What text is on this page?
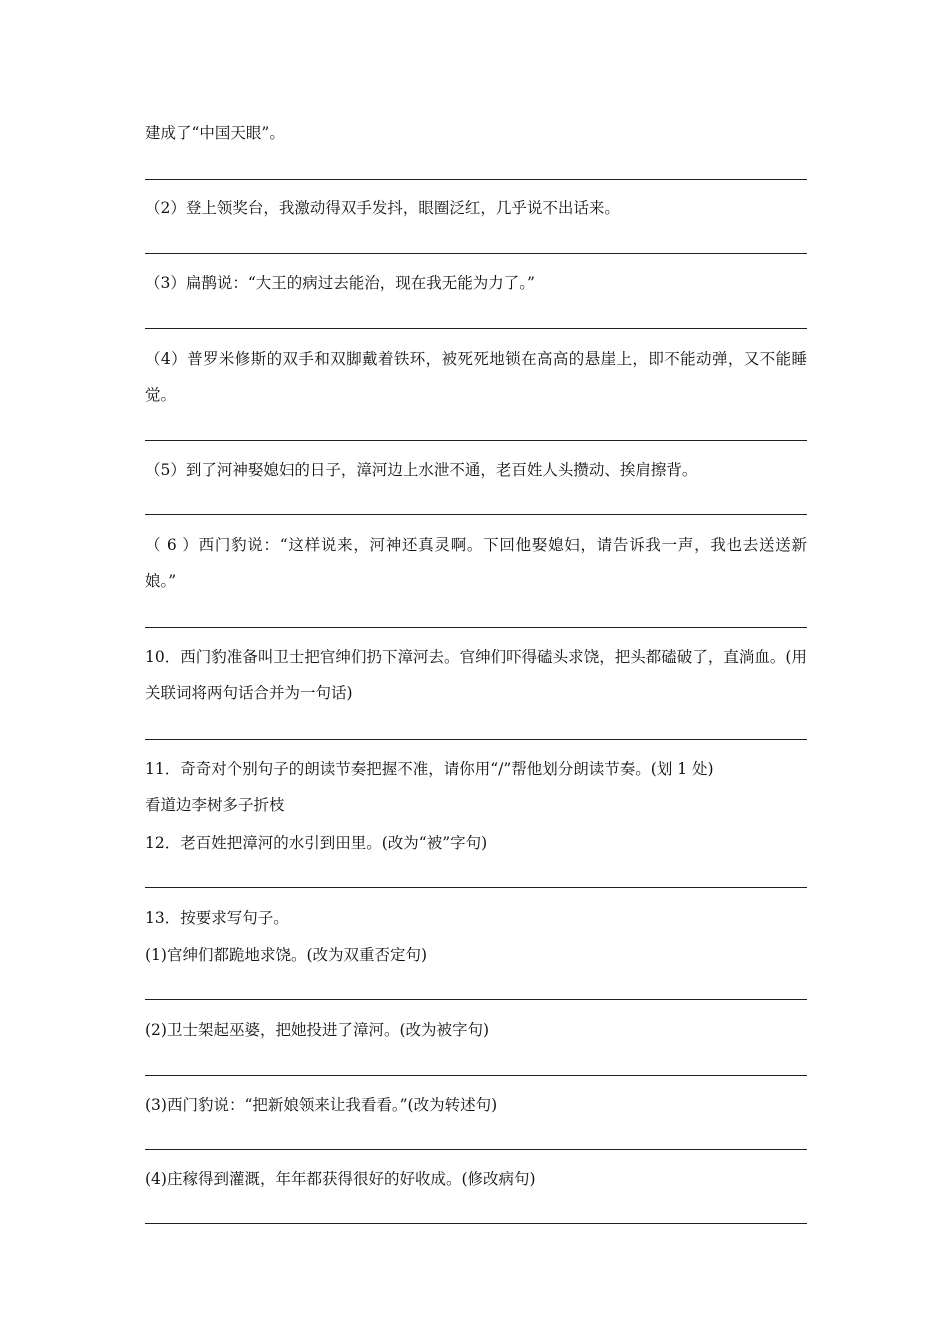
建成了“中国天眼”。
（2）登上领奖台，我激动得双手发抖，眼圈泛红，几乎说不出话来。
（3）扁鹊说：“大王的病过去能治，现在我无能为力了。”
（4）普罗米修斯的双手和双脚戴着铁环，被死死地锁在高高的悬崖上，即不能动弹，又不能睡觉。
（5）到了河神娶媳妇的日子，漳河边上水泄不通，老百姓人头攒动、挨肩擦背。
（ 6 ）西门豹说：“这样说来，河神还真灵啊。下回他娶媳妇，请告诉我一声，我也去送送新娘。”
10．西门豹准备叫卫士把官绅们扔下漳河去。官绅们吓得磕头求饶，把头都磕破了，直淌血。(用关联词将两句话合并为一句话)
11．奇奇对个别句子的朗读节奏把握不准，请你用“/”帮他划分朗读节奏。(划 1 处)
看道边李树多子折枝
12．老百姓把漳河的水引到田里。(改为“被”字句)
13．按要求写句子。
(1)官绅们都跪地求饶。(改为双重否定句)
(2)卫士架起巫婆，把她投进了漳河。(改为被字句)
(3)西门豹说：“把新娘领来让我看看。”(改为转述句)
(4)庄稼得到灌溉，年年都获得很好的好收成。(修改病句)
